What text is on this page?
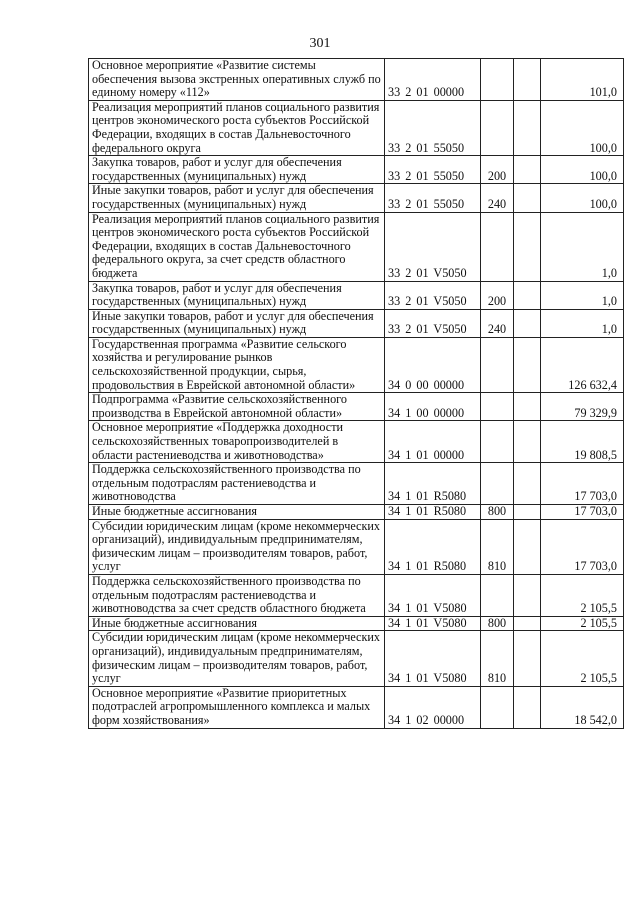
301
Основное мероприятие «Развитие системы обеспечения вызова экстренных оперативных служб по единому номеру «112»	33 2 01 00000			101,0

Реализация мероприятий планов социального развития центров экономического роста субъектов Российской Федерации, входящих в состав Дальневосточного федерального округа	33 2 01 55050			100,0

Закупка товаров, работ и услуг для обеспечения государственных (муниципальных) нужд	33 2 01 55050	200		100,0

Иные закупки товаров, работ и услуг для обеспечения государственных (муниципальных) нужд	33 2 01 55050	240		100,0

Реализация мероприятий планов социального развития центров экономического роста субъектов Российской Федерации, входящих в состав Дальневосточного федерального округа, за счет средств областного бюджета	33 2 01 V5050			1,0

Закупка товаров, работ и услуг для обеспечения государственных (муниципальных) нужд	33 2 01 V5050	200		1,0

Иные закупки товаров, работ и услуг для обеспечения государственных (муниципальных) нужд	33 2 01 V5050	240		1,0

Государственная программа «Развитие сельского хозяйства и регулирование рынков сельскохозяйственной продукции, сырья, продовольствия в Еврейской автономной области»	34 0 00 00000			126 632,4

Подпрограмма «Развитие сельскохозяйственного производства в Еврейской автономной области»	34 1 00 00000			79 329,9

Основное мероприятие «Поддержка доходности сельскохозяйственных товаропроизводителей в области растениеводства и животноводства»	34 1 01 00000			19 808,5

Поддержка сельскохозяйственного производства по отдельным подотраслям растениеводства и животноводства	34 1 01 R5080			17 703,0

Иные бюджетные ассигнования	34 1 01 R5080	800		17 703,0

Субсидии юридическим лицам (кроме некоммерческих организаций), индивидуальным предпринимателям, физическим лицам – производителям товаров, работ, услуг	34 1 01 R5080	810		17 703,0

Поддержка сельскохозяйственного производства по отдельным подотраслям растениеводства и животноводства за счет средств областного бюджета	34 1 01 V5080			2 105,5

Иные бюджетные ассигнования	34 1 01 V5080	800		2 105,5

Субсидии юридическим лицам (кроме некоммерческих организаций), индивидуальным предпринимателям, физическим лицам – производителям товаров, работ, услуг	34 1 01 V5080	810		2 105,5

Основное мероприятие «Развитие приоритетных подотраслей агропромышленного комплекса и малых форм хозяйствования»	34 1 02 00000			18 542,0
